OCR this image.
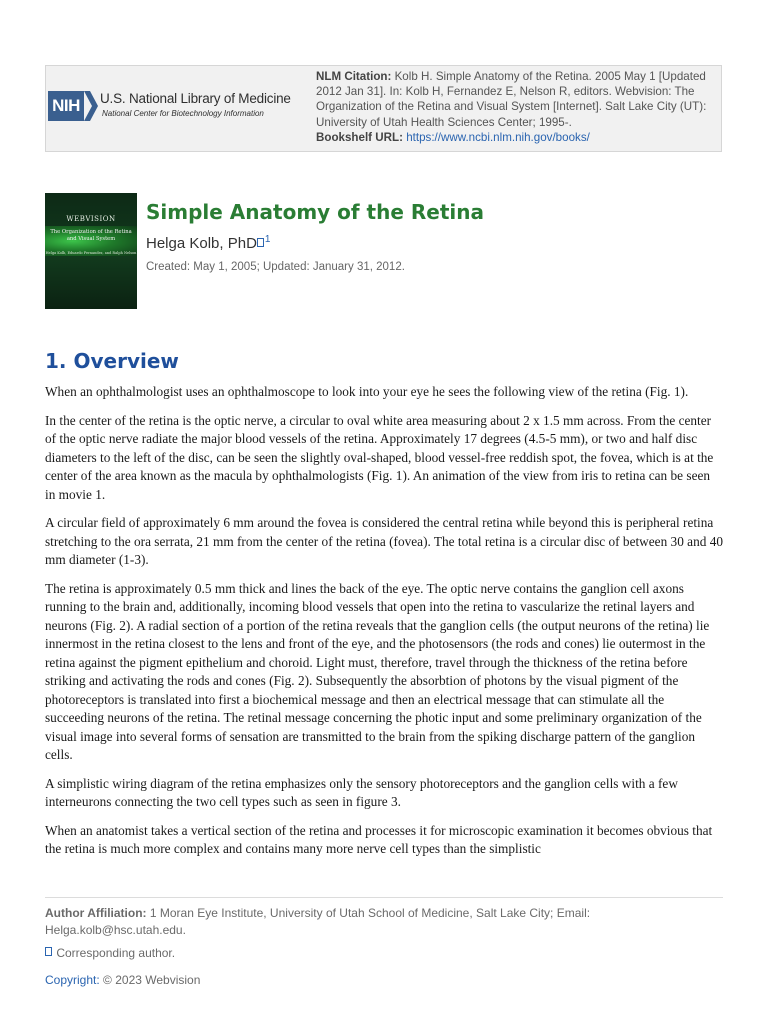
NIH	U.S. National Library of Medicine
National Center for Biotechnology Information
NLM Citation: Kolb H. Simple Anatomy of the Retina. 2005 May 1 [Updated 2012 Jan 31]. In: Kolb H, Fernandez E, Nelson R, editors. Webvision: The Organization of the Retina and Visual System [Internet]. Salt Lake City (UT): University of Utah Health Sciences Center; 1995-.
Bookshelf URL: https://www.ncbi.nlm.nih.gov/books/
WEBVISION
The Organization of the Retina and Visual System
Helga Kolb, Eduardo Fernandez, and Ralph Nelson
Simple Anatomy of the Retina
Helga Kolb, PhD $^1$
Created: May 1, 2005; Updated: January 31, 2012.
1. Overview

When an ophthalmologist uses an ophthalmoscope to look into your eye he sees the following view of the retina (Fig. 1).

In the center of the retina is the optic nerve, a circular to oval white area measuring about 2 x 1.5 mm across. From the center of the optic nerve radiate the major blood vessels of the retina. Approximately 17 degrees (4.5-5 mm), or two and half disc diameters to the left of the disc, can be seen the slightly oval-shaped, blood vessel-free reddish spot, the fovea, which is at the center of the area known as the macula by ophthalmologists (Fig. 1). An animation of the view from iris to retina can be seen in movie 1.

A circular field of approximately 6 mm around the fovea is considered the central retina while beyond this is peripheral retina stretching to the ora serrata, 21 mm from the center of the retina (fovea). The total retina is a circular disc of between 30 and 40 mm diameter (1-3).

The retina is approximately 0.5 mm thick and lines the back of the eye. The optic nerve contains the ganglion cell axons running to the brain and, additionally, incoming blood vessels that open into the retina to vascularize the retinal layers and neurons (Fig. 2). A radial section of a portion of the retina reveals that the ganglion cells (the output neurons of the retina) lie innermost in the retina closest to the lens and front of the eye, and the photosensors (the rods and cones) lie outermost in the retina against the pigment epithelium and choroid. Light must, therefore, travel through the thickness of the retina before striking and activating the rods and cones (Fig. 2). Subsequently the absorbtion of photons by the visual pigment of the photoreceptors is translated into first a biochemical message and then an electrical message that can stimulate all the succeeding neurons of the retina. The retinal message concerning the photic input and some preliminary organization of the visual image into several forms of sensation are transmitted to the brain from the spiking discharge pattern of the ganglion cells.

A simplistic wiring diagram of the retina emphasizes only the sensory photoreceptors and the ganglion cells with a few interneurons connecting the two cell types such as seen in figure 3.

When an anatomist takes a vertical section of the retina and processes it for microscopic examination it becomes obvious that the retina is much more complex and contains many more nerve cell types than the simplistic

Author Affiliation: 1 Moran Eye Institute, University of Utah School of Medicine, Salt Lake City; Email: Helga.kolb@hsc.utah.edu.
Corresponding author.
Copyright: © 2023 Webvision
